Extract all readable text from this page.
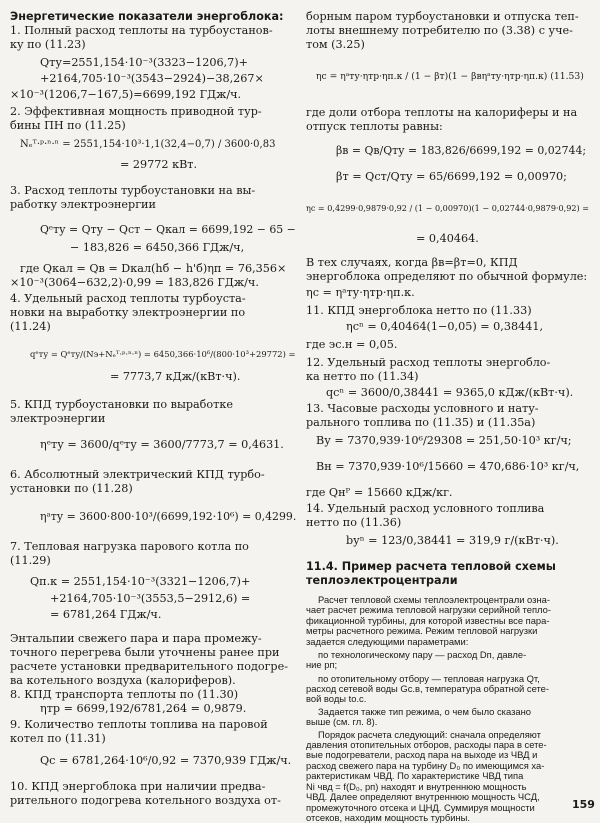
Энергетические показатели энергоблока:
1. Полный расход теплоты на турбоустанов-
ку по (11.23)
Qту=2551,154·10⁻³(3323−1206,7)+
+2164,705·10⁻³(3543−2924)−38,267×
×10⁻³(1206,7−167,5)=6699,192 ГДж/ч.
2. Эффективная мощность приводной тур-
бины ПН по (11.25)
Nₑᵀ·ᵖ·ⁿ·ⁿ = 2551,154·10³·1,1(32,4−0,7) / 3600·0,83
= 29772 кВт.
3. Расход теплоты турбоустановки на вы-
работку электроэнергии
Qᵉту = Qту − Qст − Qкал = 6699,192 − 65 −
− 183,826 = 6450,366 ГДж/ч,
где Qкал = Qв = Dкал(hб − h'б)ηп = 76,356×
×10⁻³(3064−632,2)·0,99 = 183,826 ГДж/ч.
4. Удельный расход теплоты турбоуста-
новки на выработку электроэнергии по
(11.24)
qᵉту = Qᵉту/(Nэ+Nₑᵀ·ᵖ·ⁿ·ⁿ) = 6450,366·10⁶/(800·10³+29772) =
= 7773,7 кДж/(кВт·ч).
5. КПД турбоустановки по выработке
электроэнергии
ηᵉту = 3600/qᵉту = 3600/7773,7 = 0,4631.
6. Абсолютный электрический КПД турбо-
установки по (11.28)
ηᵃту = 3600·800·10³/(6699,192·10⁶) = 0,4299.
7. Тепловая нагрузка парового котла по
(11.29)
Qп.к = 2551,154·10⁻³(3321−1206,7)+
+2164,705·10⁻³(3553,5−2912,6) =
= 6781,264 ГДж/ч.
Энтальпии свежего пара и пара промежу-
точного перегрева были уточнены ранее при
расчете установки предварительного подогре-
ва котельного воздуха (калориферов).
8. КПД транспорта теплоты по (11.30)
ηтр = 6699,192/6781,264 = 0,9879.
9. Количество теплоты топлива на паровой
котел по (11.31)
Qс = 6781,264·10⁶/0,92 = 7370,939 ГДж/ч.
10. КПД энергоблока при наличии предва-
рительного подогрева котельного воздуха от-
борным паром турбоустановки и отпуска теп-
лоты внешнему потребителю по (3.38) с уче-
том (3.25)
ηс = ηᵃту·ηтр·ηп.к / (1 − βт)(1 − βвηᵃту·ηтр·ηп.к) (11.53)
где доли отбора теплоты на калориферы и на
отпуск теплоты равны:
βв = Qв/Qту = 183,826/6699,192 = 0,02744;
βт = Qст/Qту = 65/6699,192 = 0,00970;
ηс = 0,4299·0,9879·0,92 / (1 − 0,00970)(1 − 0,02744·0,9879·0,92) =
= 0,40464.
В тех случаях, когда βв=βт=0, КПД
энергоблока определяют по обычной формуле:
ηс = ηᵃту·ηтр·ηп.к.
11. КПД энергоблока нетто по (11.33)
ηсⁿ = 0,40464(1−0,05) = 0,38441,
где эс.н = 0,05.
12. Удельный расход теплоты энергобло-
ка нетто по (11.34)
qсⁿ = 3600/0,38441 = 9365,0 кДж/(кВт·ч).
13. Часовые расходы условного и нату-
рального топлива по (11.35) и (11.35а)
Bу = 7370,939·10⁶/29308 = 251,50·10³ кг/ч;
Bн = 7370,939·10⁶/15660 = 470,686·10³ кг/ч,
где Qнᴾ = 15660 кДж/кг.
14. Удельный расход условного топлива
нетто по (11.36)
bуⁿ = 123/0,38441 = 319,9 г/(кВт·ч).
11.4. Пример расчета тепловой схемы
теплоэлектроцентрали
Расчет тепловой схемы теплоэлектроцентрали озна-
чает расчет режима тепловой нагрузки серийной тепло-
фикационной турбины, для которой известны все пара-
метры расчетного режима. Режим тепловой нагрузки
задается следующими параметрами:
по технологическому пару — расход Dп, давле-
ние pп;
по отопительному отбору — тепловая нагрузка Qт,
расход сетевой воды Gс.в, температура обратной сете-
вой воды tо.с.
Задается также тип режима, о чем было сказано
выше (см. гл. 8).
Порядок расчета следующий: сначала определяют
давления отопительных отборов, расходы пара в сете-
вые подогреватели, расход пара на выходе из ЧВД и
расход свежего пара на турбину D₀ по имеющимся ха-
рактеристикам ЧВД. По характеристике ЧВД типа
Ni чвд = f(D₀, pп) находят и внутреннюю мощность
ЧВД. Далее определяют внутреннюю мощность ЧСД,
промежуточного отсека и ЦНД. Суммируя мощности
отсеков, находим мощность турбины.
159
